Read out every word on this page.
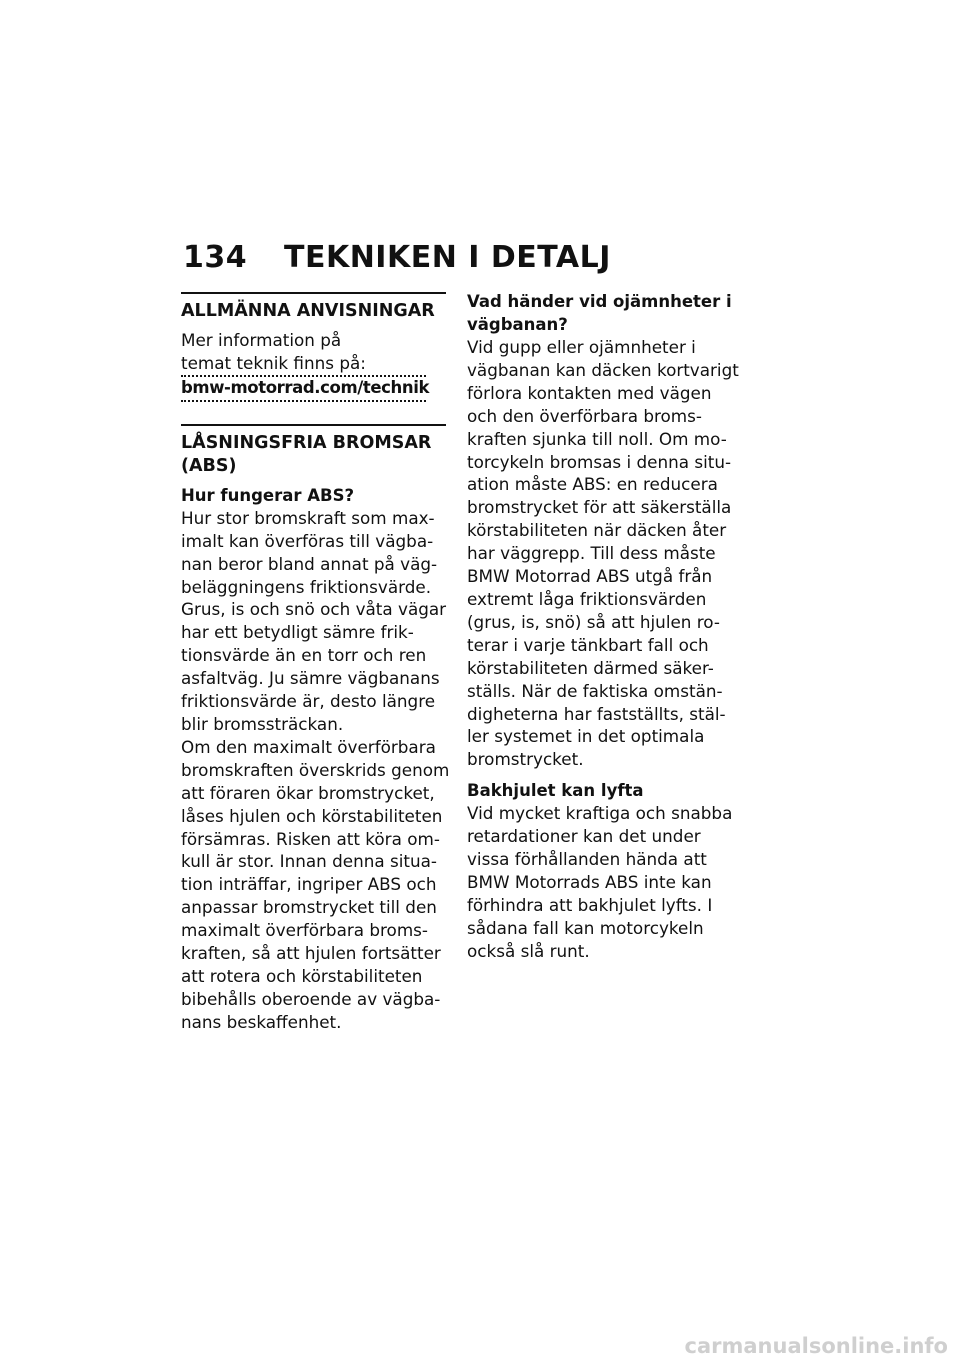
134 TEKNIKEN I DETALJ
ALLMÄNNA ANVISNINGAR

Mer information på
temat teknik finns på:

bmw-motorrad.com/technik
LÅSNINGSFRIA BROMSAR
(ABS)

Hur fungerar ABS?

Hur stor bromskraft som max-
imalt kan överföras till vägba-
nan beror bland annat på väg-
beläggningens friktionsvärde.
Grus, is och snö och våta vägar
har ett betydligt sämre frik-
tionsvärde än en torr och ren
asfaltväg. Ju sämre vägbanans
friktionsvärde är, desto längre
blir bromssträckan.

Om den maximalt överförbara
bromskraften överskrids genom
att föraren ökar bromstrycket,
låses hjulen och körstabiliteten
försämras. Risken att köra om-
kull är stor. Innan denna situa-
tion inträffar, ingriper ABS och
anpassar bromstrycket till den
maximalt överförbara broms-
kraften, så att hjulen fortsätter
att rotera och körstabiliteten
bibehålls oberoende av vägba-
nans beskaffenhet.

Vad händer vid ojämnheter i
vägbanan?

Vid gupp eller ojämnheter i
vägbanan kan däcken kortvarigt
förlora kontakten med vägen
och den överförbara broms-
kraften sjunka till noll. Om mo-
torcykeln bromsas i denna situ-
ation måste ABS: en reducera
bromstrycket för att säkerställa
körstabiliteten när däcken åter
har väggrepp. Till dess måste
BMW Motorrad ABS utgå från
extremt låga friktionsvärden
(grus, is, snö) så att hjulen ro-
terar i varje tänkbart fall och
körstabiliteten därmed säker-
ställs. När de faktiska omstän-
digheterna har fastställts, stäl-
ler systemet in det optimala
bromstrycket.

Bakhjulet kan lyfta

Vid mycket kraftiga och snabba
retardationer kan det under
vissa förhållanden hända att
BMW Motorrads ABS inte kan
förhindra att bakhjulet lyfts. I
sådana fall kan motorcykeln
också slå runt.

carmanualsonline.info
